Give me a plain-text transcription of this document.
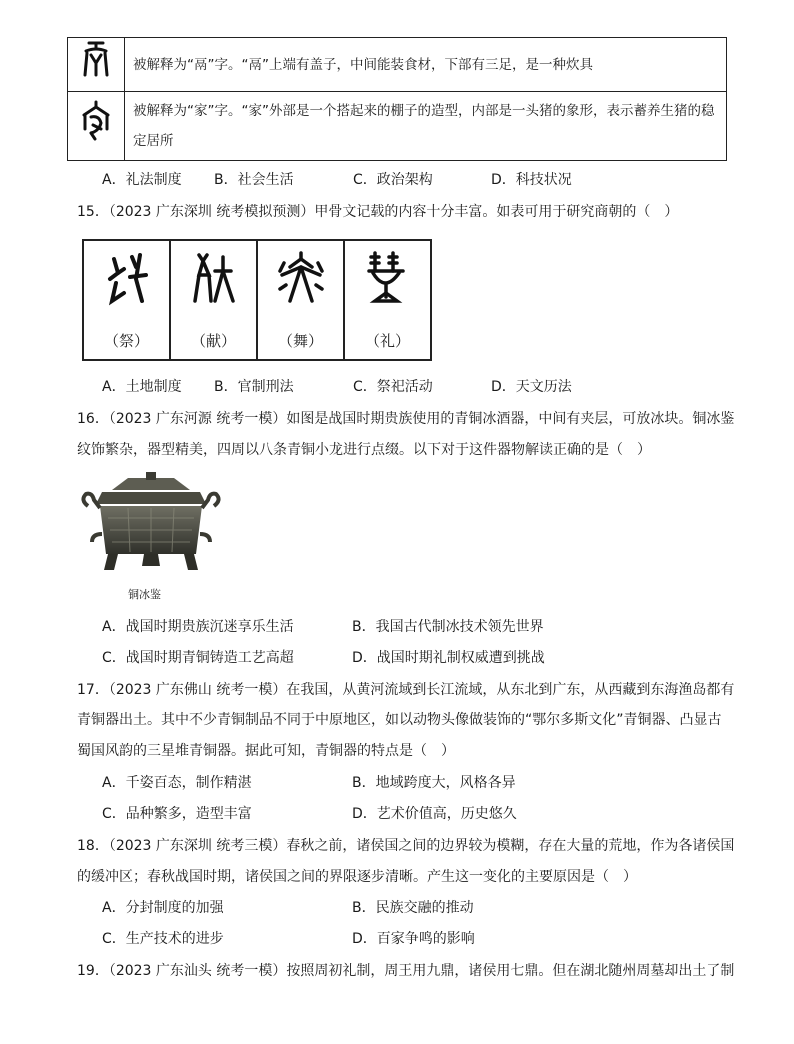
	被解释为“鬲”字。“鬲”上端有盖子，中间能装食材，下部有三足，是一种炊具
	被解释为“家”字。“家”外部是一个搭起来的棚子的造型，内部是一头猪的象形，表示蓄养生猪的稳定居所
A．礼法制度 B．社会生活	C．政治架构	D．科技状况
15．（2023 广东深圳 统考模拟预测）甲骨文记载的内容十分丰富。如表可用于研究商朝的（　）
（祭）	（献）	（舞）	（礼）
A．土地制度 B．官制刑法	C．祭祀活动	D．天文历法
16．（2023 广东河源 统考一模）如图是战国时期贵族使用的青铜冰酒器，中间有夹层，可放冰块。铜冰鉴
纹饰繁杂，器型精美，四周以八条青铜小龙进行点缀。以下对于这件器物解读正确的是（　）
铜冰鉴
A．战国时期贵族沉迷享乐生活	B．我国古代制冰技术领先世界
C．战国时期青铜铸造工艺高超	D．战国时期礼制权威遭到挑战
17．（2023 广东佛山 统考一模）在我国，从黄河流域到长江流域，从东北到广东，从西藏到东海渔岛都有
青铜器出土。其中不少青铜制品不同于中原地区，如以动物头像做装饰的“鄂尔多斯文化”青铜器、凸显古
蜀国风韵的三星堆青铜器。据此可知，青铜器的特点是（　）
A．千姿百态，制作精湛	B．地域跨度大，风格各异
C．品种繁多，造型丰富	D．艺术价值高，历史悠久
18．（2023 广东深圳 统考三模）春秋之前，诸侯国之间的边界较为模糊，存在大量的荒地，作为各诸侯国
的缓冲区；春秋战国时期，诸侯国之间的界限逐步清晰。产生这一变化的主要原因是（　）
A．分封制度的加强	B．民族交融的推动
C．生产技术的进步	D．百家争鸣的影响
19．（2023 广东汕头 统考一模）按照周初礼制，周王用九鼎，诸侯用七鼎。但在湖北随州周墓却出土了制
